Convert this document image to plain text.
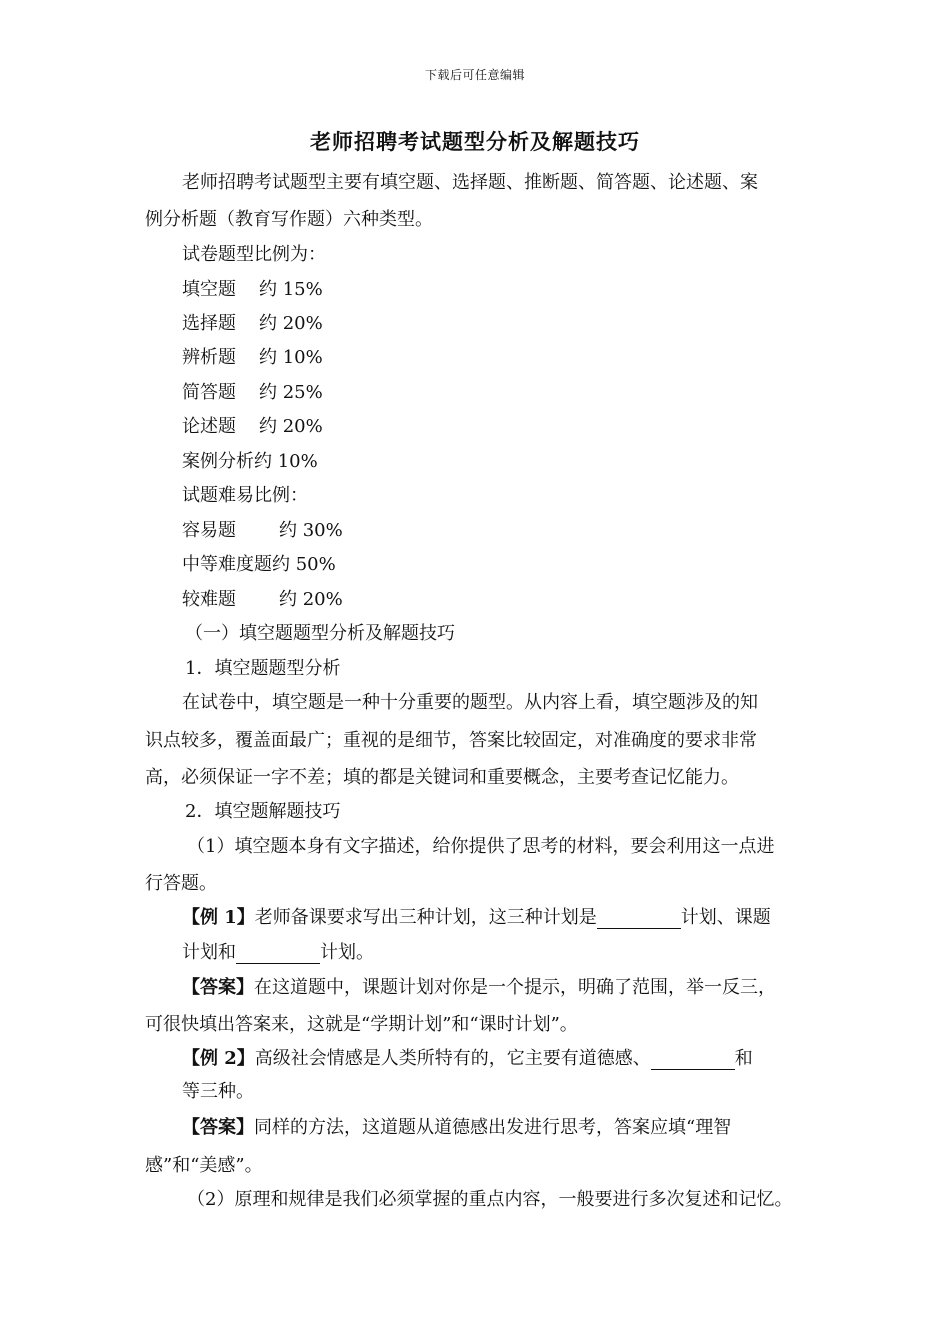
下载后可任意编辑
老师招聘考试题型分析及解题技巧
老师招聘考试题型主要有填空题、选择题、推断题、简答题、论述题、案
例分析题（教育写作题）六种类型。
试卷题型比例为：
填空题 约 15%
选择题 约 20%
辨析题 约 10%
简答题 约 25%
论述题 约 20%
案例分析约 10%
试题难易比例：
容易题 约 30%
中等难度题约 50%
较难题 约 20%
（一）填空题题型分析及解题技巧
1．填空题题型分析
在试卷中，填空题是一种十分重要的题型。从内容上看，填空题涉及的知
识点较多，覆盖面最广；重视的是细节，答案比较固定，对准确度的要求非常
高，必须保证一字不差；填的都是关键词和重要概念，主要考查记忆能力。
2．填空题解题技巧
（1）填空题本身有文字描述，给你提供了思考的材料，要会利用这一点进
行答题。
【例 1】老师备课要求写出三种计划，这三种计划是	计划、课题
计划和	计划。
【答案】在这道题中，课题计划对你是一个提示，明确了范围，举一反三，
可很快填出答案来，这就是“学期计划”和“课时计划”。
【例 2】高级社会情感是人类所特有的，它主要有道德感、	和
等三种。
【答案】同样的方法，这道题从道德感出发进行思考，答案应填“理智
感”和“美感”。
（2）原理和规律是我们必须掌握的重点内容，一般要进行多次复述和记忆。
